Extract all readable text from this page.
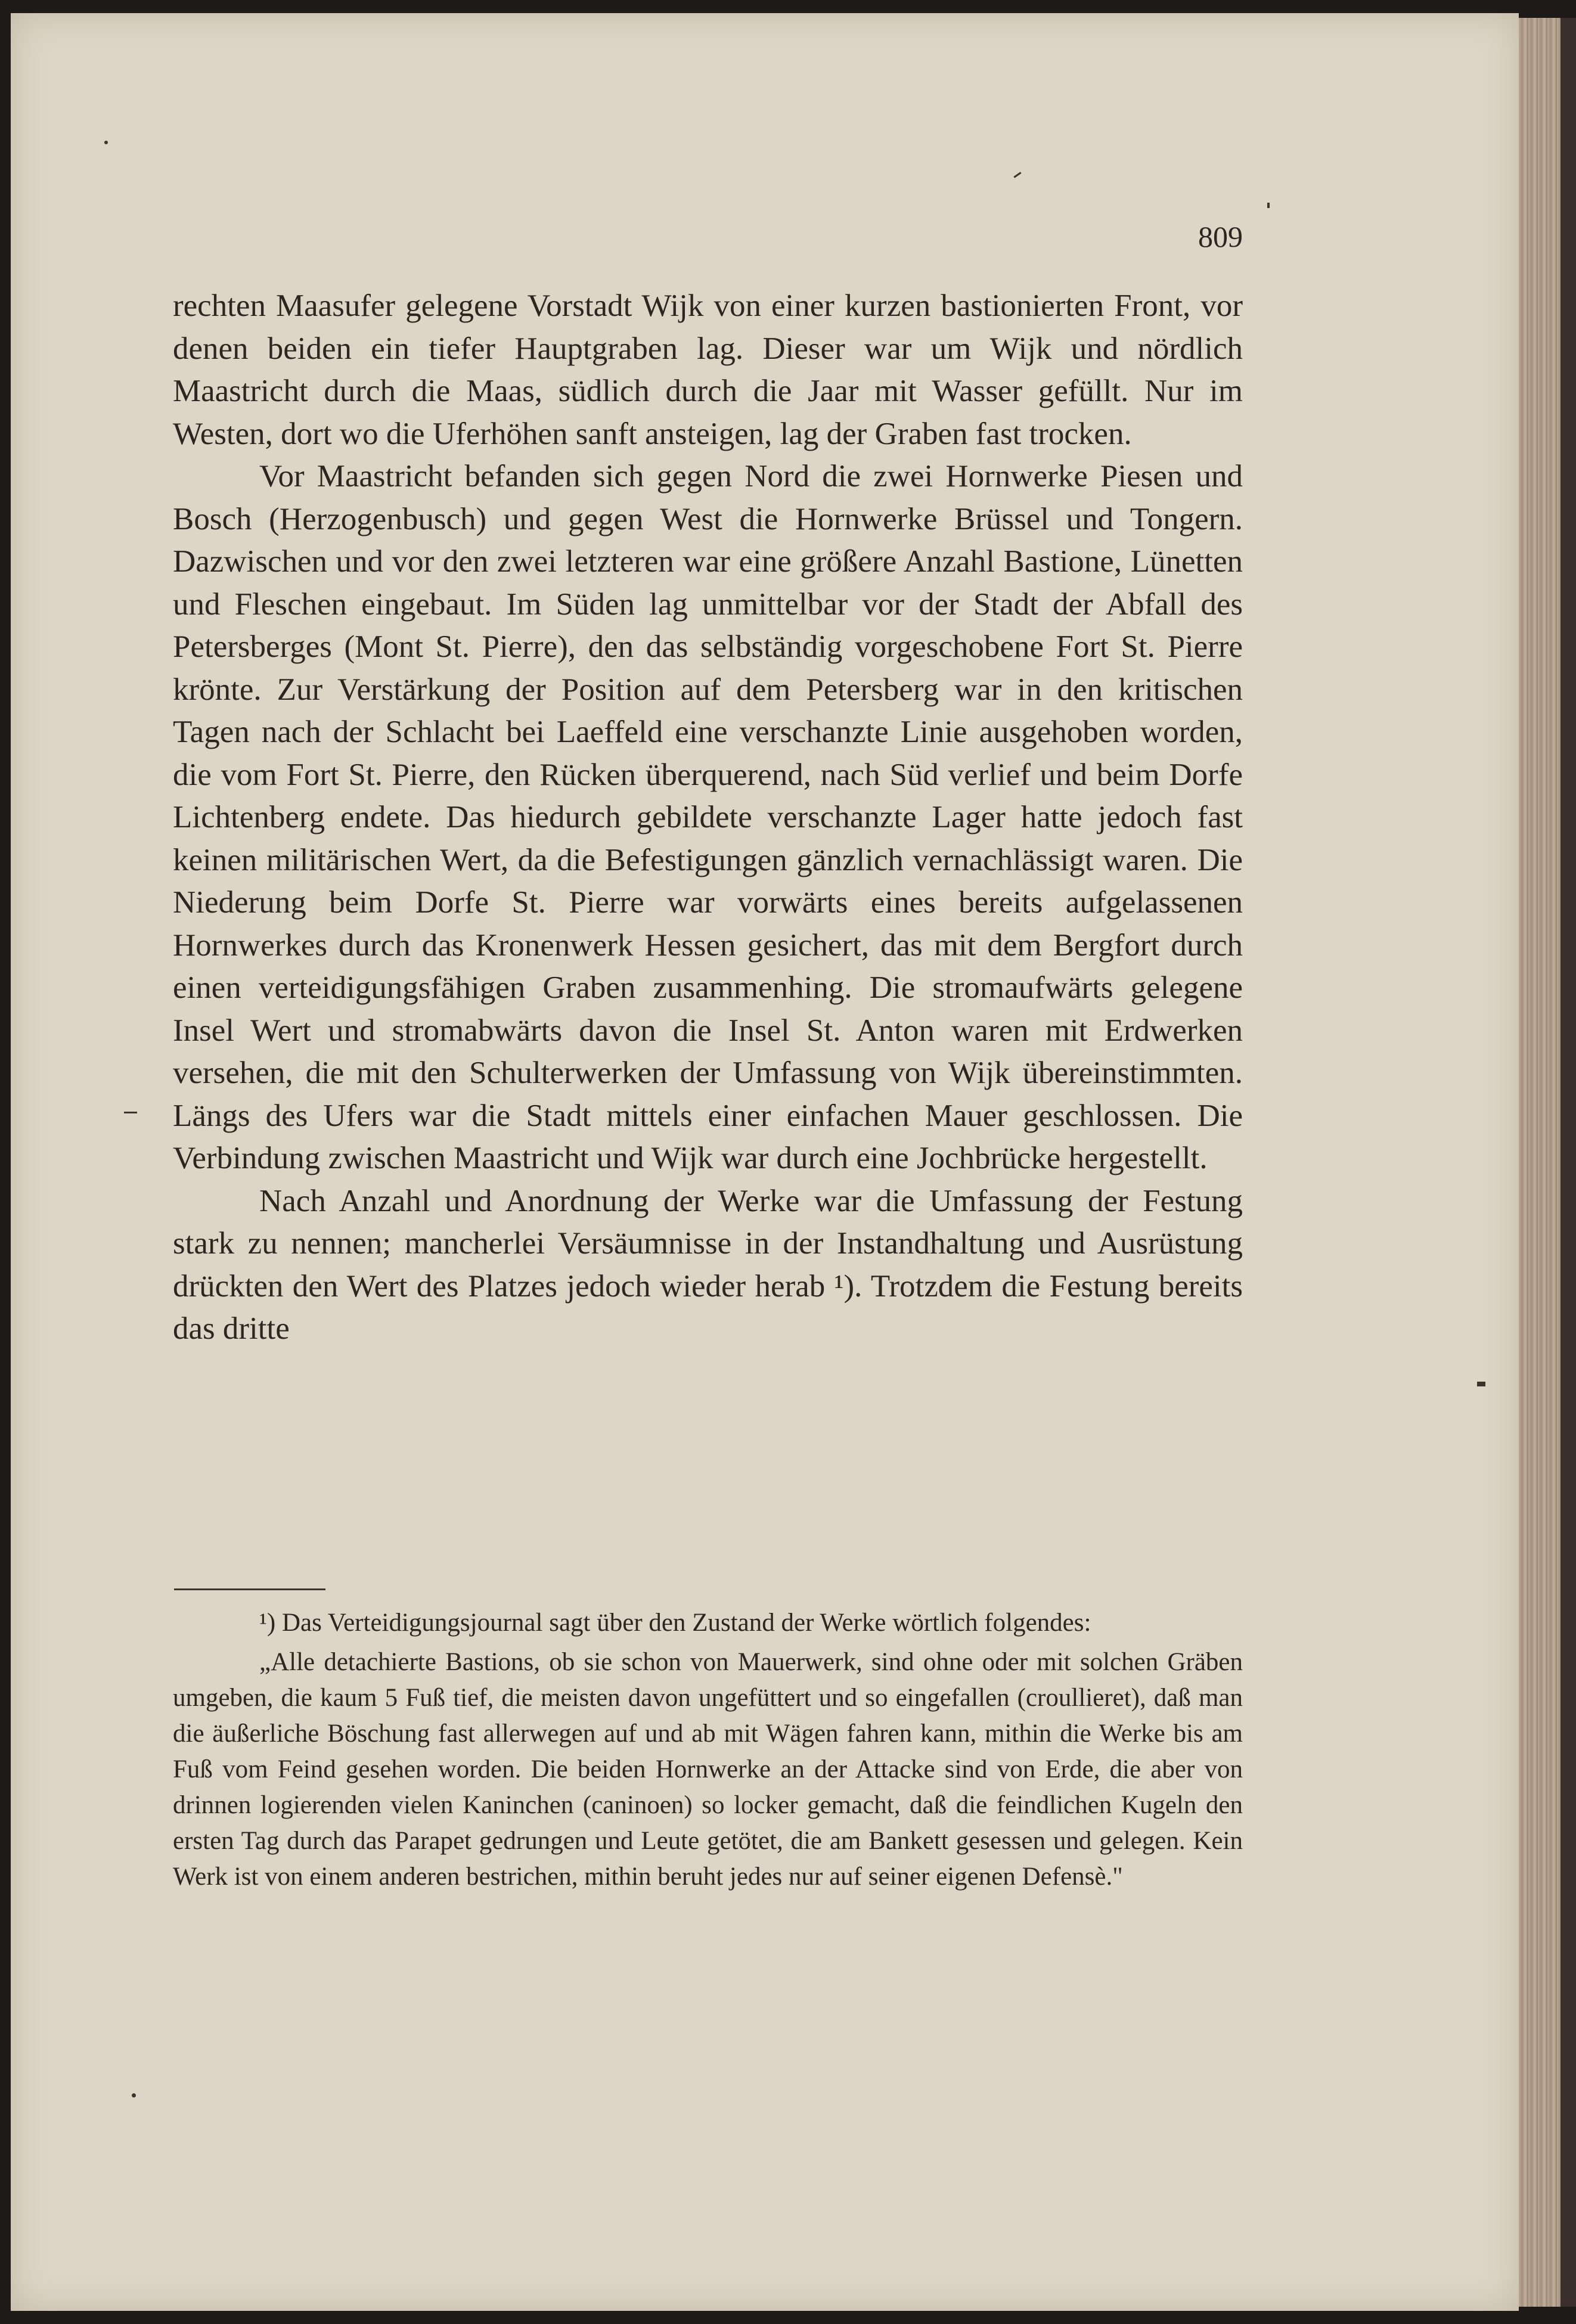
809

rechten Maasufer gelegene Vorstadt Wijk von einer kurzen bastionierten Front, vor denen beiden ein tiefer Hauptgraben lag. Dieser war um Wijk und nördlich Maastricht durch die Maas, südlich durch die Jaar mit Wasser gefüllt. Nur im Westen, dort wo die Uferhöhen sanft ansteigen, lag der Graben fast trocken.

Vor Maastricht befanden sich gegen Nord die zwei Hornwerke Piesen und Bosch (Herzogenbusch) und gegen West die Hornwerke Brüssel und Tongern. Dazwischen und vor den zwei letzteren war eine größere Anzahl Bastione, Lünetten und Fleschen eingebaut. Im Süden lag unmittelbar vor der Stadt der Abfall des Petersberges (Mont St. Pierre), den das selbständig vorgeschobene Fort St. Pierre krönte. Zur Verstärkung der Position auf dem Petersberg war in den kritischen Tagen nach der Schlacht bei Laeffeld eine verschanzte Linie ausgehoben worden, die vom Fort St. Pierre, den Rücken überquerend, nach Süd verlief und beim Dorfe Lichtenberg endete. Das hiedurch gebildete verschanzte Lager hatte jedoch fast keinen militärischen Wert, da die Befestigungen gänzlich vernachlässigt waren. Die Niederung beim Dorfe St. Pierre war vorwärts eines bereits aufgelassenen Hornwerkes durch das Kronenwerk Hessen gesichert, das mit dem Bergfort durch einen verteidigungsfähigen Graben zusammenhing. Die stromaufwärts gelegene Insel Wert und stromabwärts davon die Insel St. Anton waren mit Erdwerken versehen, die mit den Schulterwerken der Umfassung von Wijk übereinstimmten. Längs des Ufers war die Stadt mittels einer einfachen Mauer geschlossen. Die Verbindung zwischen Maastricht und Wijk war durch eine Jochbrücke hergestellt.

Nach Anzahl und Anordnung der Werke war die Umfassung der Festung stark zu nennen; mancherlei Versäumnisse in der Instandhaltung und Ausrüstung drückten den Wert des Platzes jedoch wieder herab ¹). Trotzdem die Festung bereits das dritte

¹) Das Verteidigungsjournal sagt über den Zustand der Werke wörtlich folgendes:

„Alle detachierte Bastions, ob sie schon von Mauerwerk, sind ohne oder mit solchen Gräben umgeben, die kaum 5 Fuß tief, die meisten davon ungefüttert und so eingefallen (croullieret), daß man die äußerliche Böschung fast allerwegen auf und ab mit Wägen fahren kann, mithin die Werke bis am Fuß vom Feind gesehen worden. Die beiden Hornwerke an der Attacke sind von Erde, die aber von drinnen logierenden vielen Kaninchen (caninoen) so locker gemacht, daß die feindlichen Kugeln den ersten Tag durch das Parapet gedrungen und Leute getötet, die am Bankett gesessen und gelegen. Kein Werk ist von einem anderen bestrichen, mithin beruht jedes nur auf seiner eigenen Defensè."
